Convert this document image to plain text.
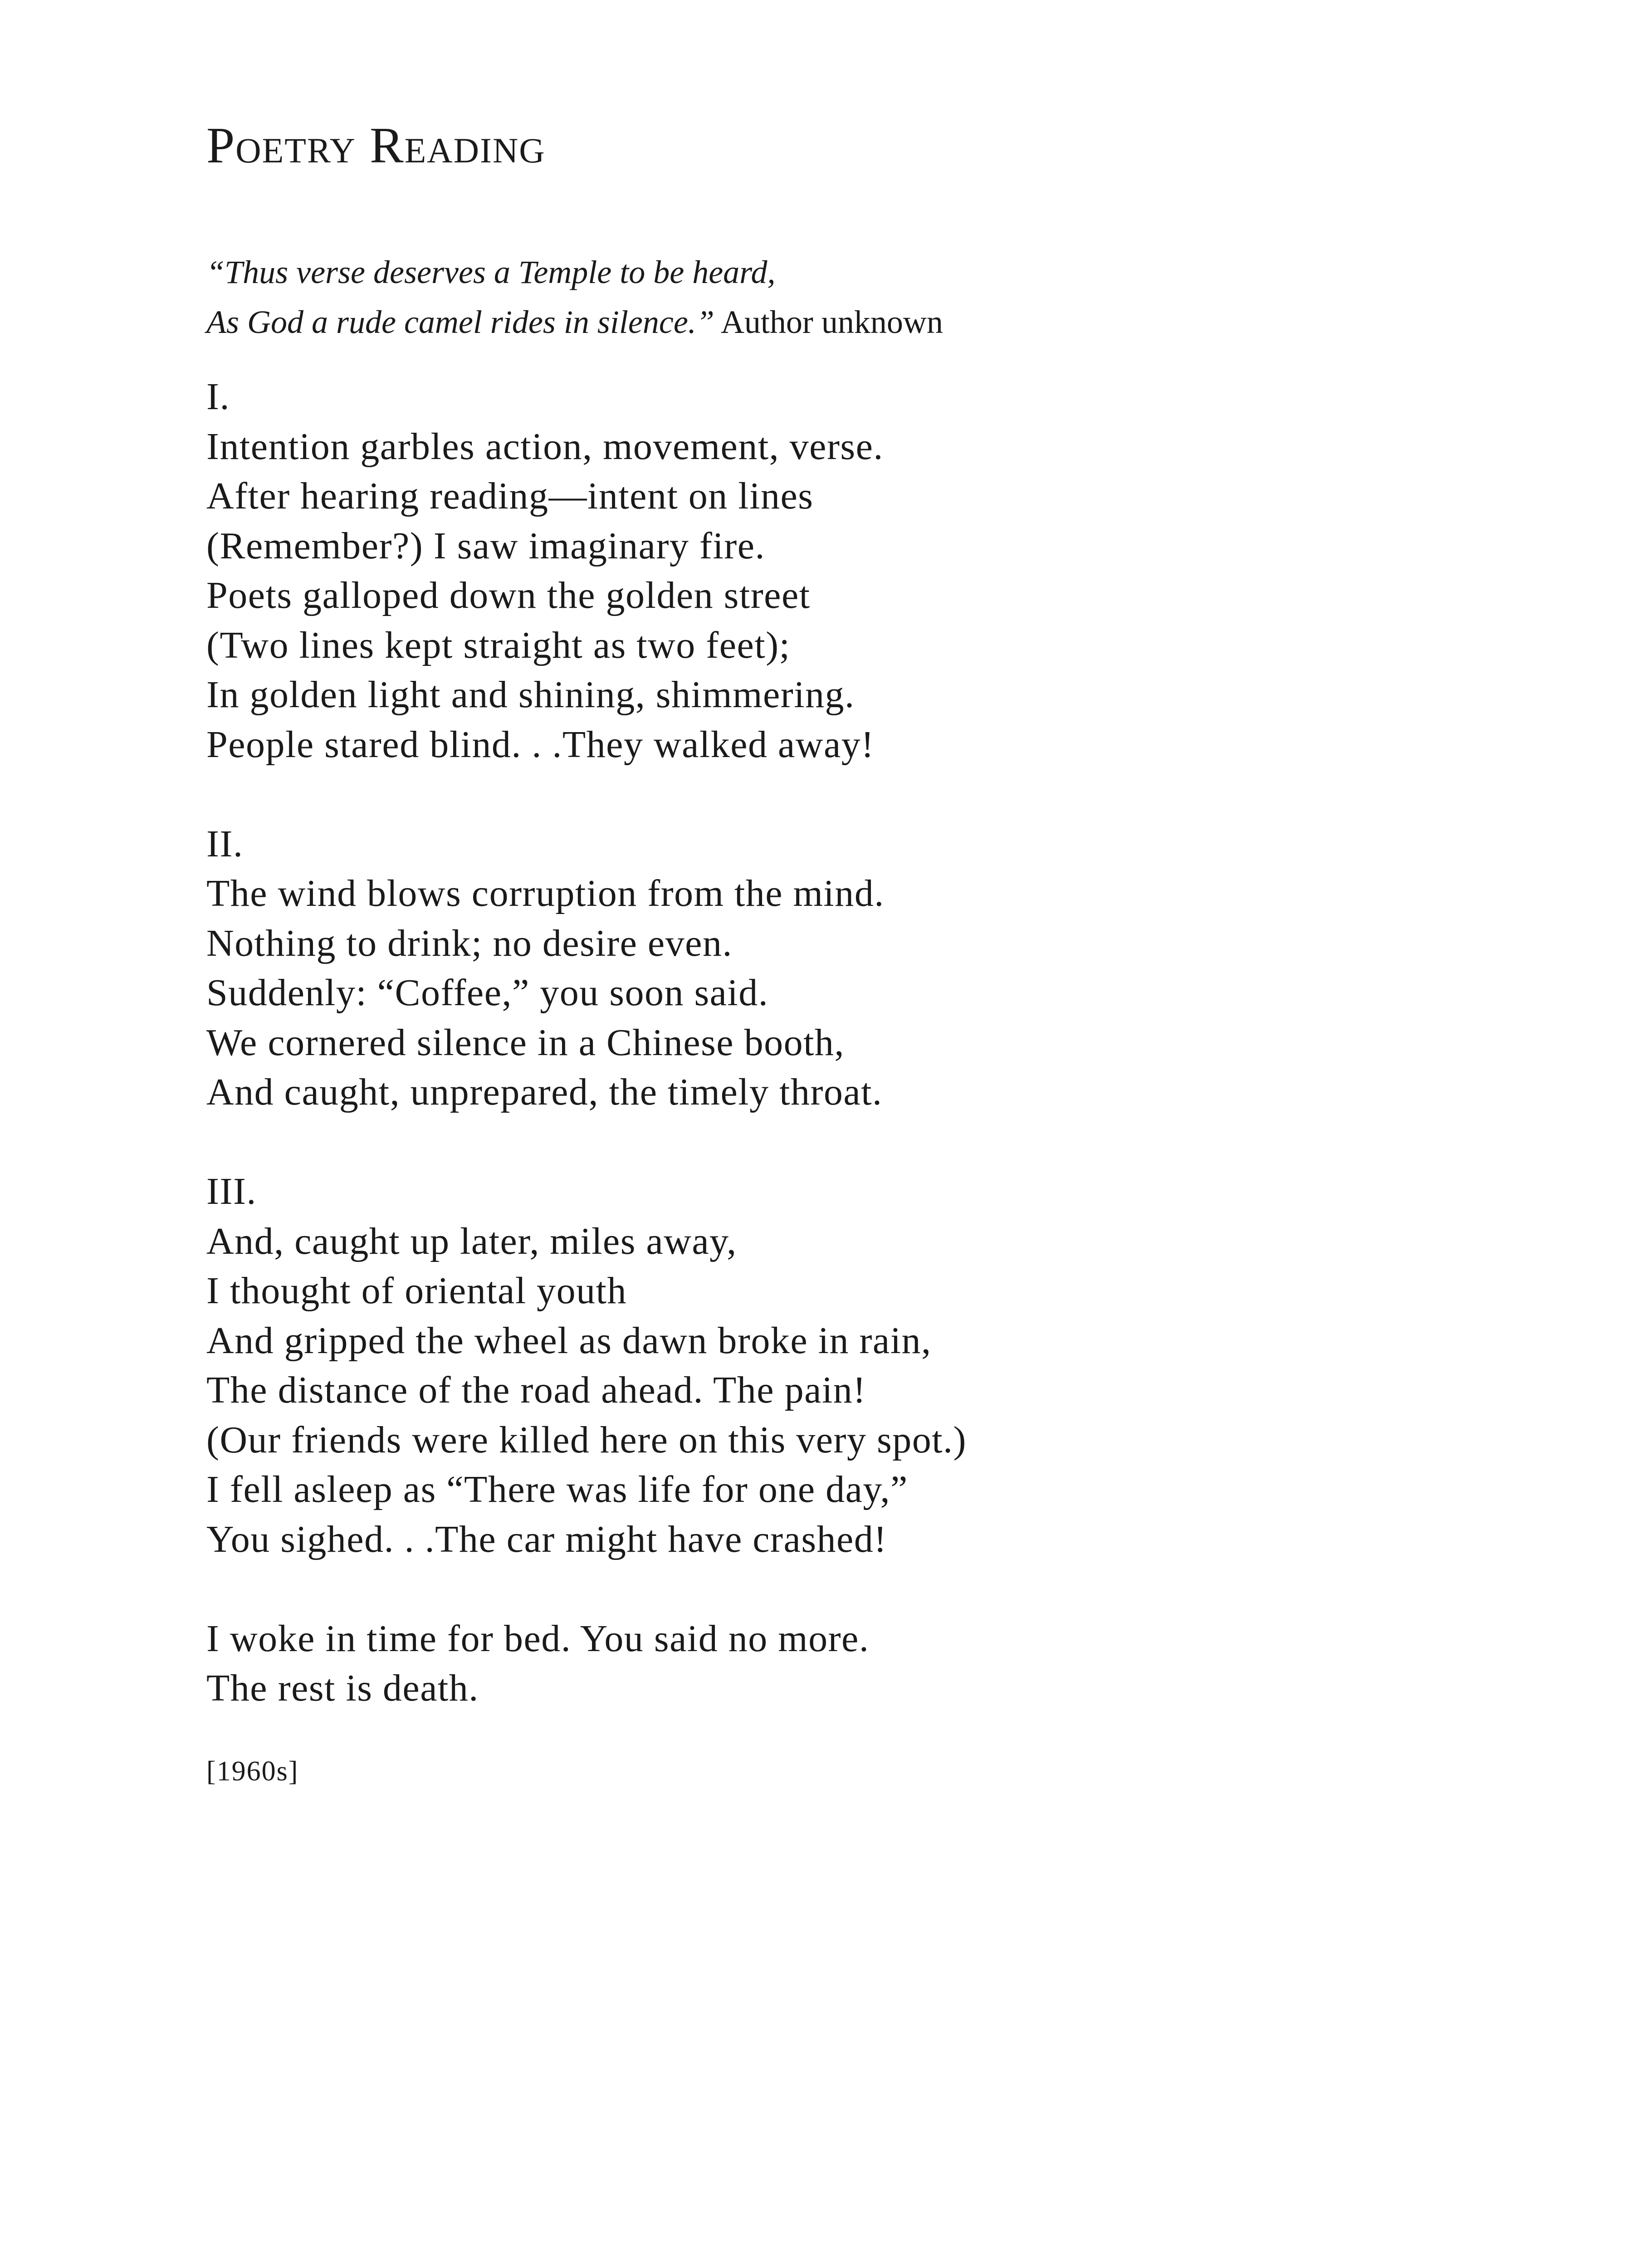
Poetry Reading
“Thus verse deserves a Temple to be heard,
As God a rude camel rides in silence.” Author unknown
I.
Intention garbles action, movement, verse.
After hearing reading—intent on lines
(Remember?) I saw imaginary fire.
Poets galloped down the golden street
(Two lines kept straight as two feet);
In golden light and shining, shimmering.
People stared blind. . .They walked away!
II.
The wind blows corruption from the mind.
Nothing to drink; no desire even.
Suddenly: “Coffee,” you soon said.
We cornered silence in a Chinese booth,
And caught, unprepared, the timely throat.
III.
And, caught up later, miles away,
I thought of oriental youth
And gripped the wheel as dawn broke in rain,
The distance of the road ahead. The pain!
(Our friends were killed here on this very spot.)
I fell asleep as “There was life for one day,”
You sighed. . .The car might have crashed!
I woke in time for bed. You said no more.
The rest is death.
[1960s]
